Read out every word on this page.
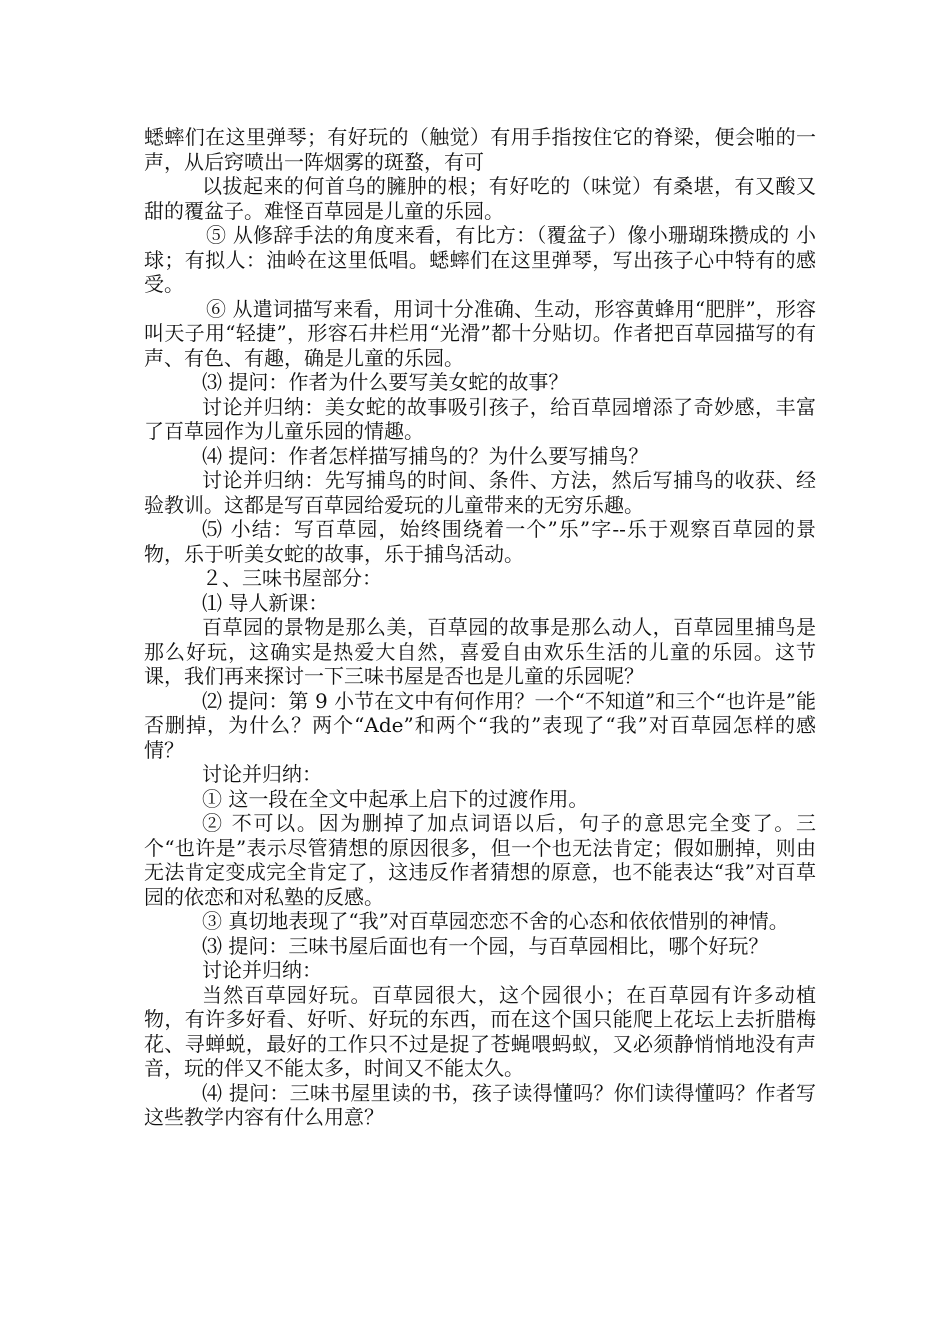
蟋蟀们在这里弹琴；有好玩的（触觉）有用手指按住它的脊梁，便会啪的一声，从后窍喷出一阵烟雾的斑蝥，有可

以拔起来的何首乌的臃肿的根；有好吃的（味觉）有桑堪，有又酸又甜的覆盆子。难怪百草园是儿童的乐园。

⑤ 从修辞手法的角度来看，有比方：（覆盆子）像小珊瑚珠攒成的 小球；有拟人：油岭在这里低唱。蟋蟀们在这里弹琴，写出孩子心中特有的感受。

⑥ 从遣词描写来看，用词十分准确、生动，形容黄蜂用“肥胖”，形容叫天子用“轻捷”，形容石井栏用“光滑”都十分贴切。作者把百草园描写的有声、有色、有趣，确是儿童的乐园。

⑶ 提问：作者为什么要写美女蛇的故事？

讨论并归纳：美女蛇的故事吸引孩子，给百草园增添了奇妙感，丰富了百草园作为儿童乐园的情趣。

⑷ 提问：作者怎样描写捕鸟的？为什么要写捕鸟？

讨论并归纳：先写捕鸟的时间、条件、方法，然后写捕鸟的收获、经验教训。这都是写百草园给爱玩的儿童带来的无穷乐趣。

⑸ 小结：写百草园，始终围绕着一个”乐”字--乐于观察百草园的景物，乐于听美女蛇的故事，乐于捕鸟活动。

２、三味书屋部分：

⑴ 导人新课：

百草园的景物是那么美，百草园的故事是那么动人，百草园里捕鸟是那么好玩，这确实是热爱大自然，喜爱自由欢乐生活的儿童的乐园。这节课，我们再来探讨一下三味书屋是否也是儿童的乐园呢？

⑵ 提问：第 9 小节在文中有何作用？一个“不知道”和三个“也许是”能否删掉，为什么？两个“Ade”和两个“我的”表现了“我”对百草园怎样的感情？

讨论并归纳：

① 这一段在全文中起承上启下的过渡作用。

② 不可以。因为删掉了加点词语以后，句子的意思完全变了。三个“也许是”表示尽管猜想的原因很多，但一个也无法肯定；假如删掉，则由无法肯定变成完全肯定了，这违反作者猜想的原意，也不能表达“我”对百草园的依恋和对私塾的反感。

③ 真切地表现了“我”对百草园恋恋不舍的心态和依依惜别的神情。

⑶ 提问：三味书屋后面也有一个园，与百草园相比，哪个好玩？

讨论并归纳：

当然百草园好玩。百草园很大，这个园很小；在百草园有许多动植物，有许多好看、好听、好玩的东西，而在这个国只能爬上花坛上去折腊梅花、寻蝉蜕，最好的工作只不过是捉了苍蝇喂蚂蚁，又必须静悄悄地没有声音，玩的伴又不能太多，时间又不能太久。

⑷ 提问：三味书屋里读的书，孩子读得懂吗？你们读得懂吗？作者写这些教学内容有什么用意？
